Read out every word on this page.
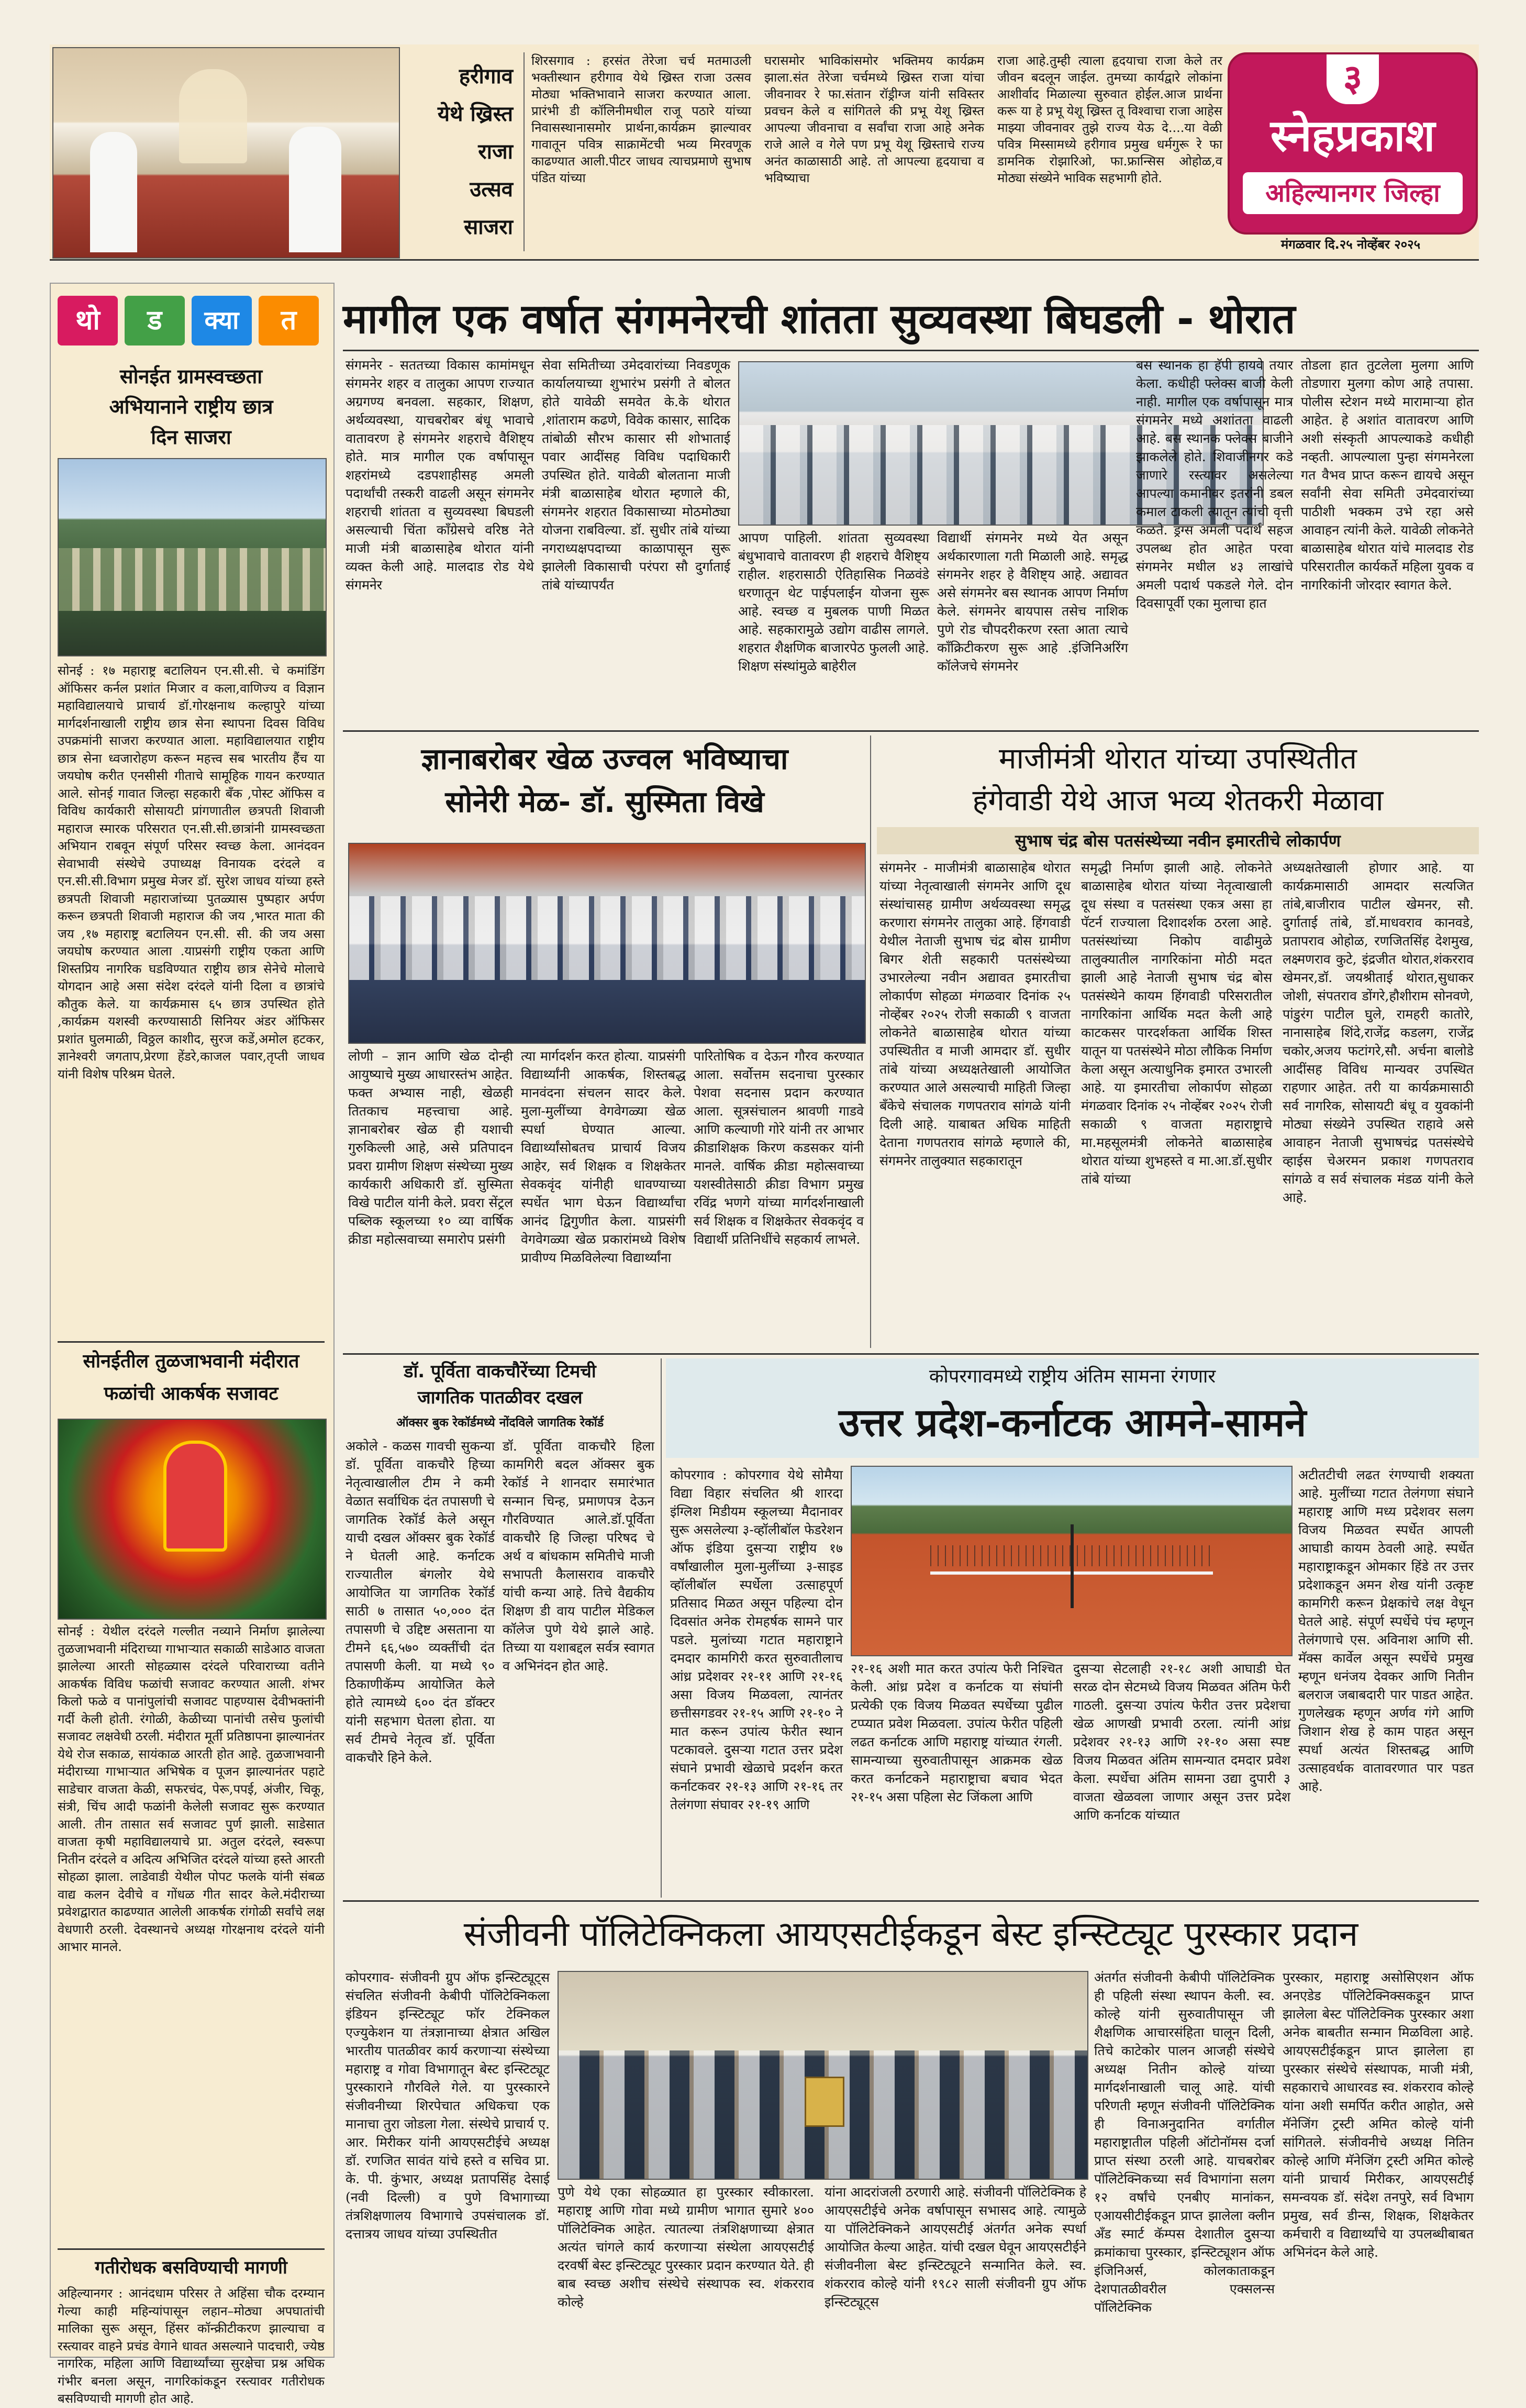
हरीगाव
येथे ख्रिस्त
राजा
उत्सव
साजरा
शिरसगाव : हरसंत तेरेजा चर्च मतमाउली भक्तीस्थान हरीगाव येथे ख्रिस्त राजा उत्सव मोठ्या भक्तिभावाने साजरा करण्यात आला. प्रारंभी डी कॉलिनीमधील राजू पठारे यांच्या निवासस्थानासमोर प्रार्थना,कार्यक्रम झाल्यावर गावातून पवित्र साक्रामेंटची भव्य मिरवणूक काढण्यात आली.पीटर जाधव त्याचप्रमाणे सुभाष पंडित यांच्या
घरासमोर भाविकांसमोर भक्तिमय कार्यक्रम झाला.संत तेरेजा चर्चमध्ये ख्रिस्त राजा यांचा जीवनावर रे फा.संतान रॉड्रीग्ज यांनी सविस्तर प्रवचन केले व सांगितले की प्रभू येशू ख्रिस्त आपल्या जीवनाचा व सर्वांचा राजा आहे अनेक राजे आले व गेले पण प्रभू येशू ख्रिस्ताचे राज्य अनंत काळासाठी आहे. तो आपल्या हृदयाचा व भविष्याचा
राजा आहे.तुम्ही त्याला हृदयाचा राजा केले तर जीवन बदलून जाईल. तुमच्या कार्यद्वारे लोकांना आशीर्वाद मिळाल्या सुरुवात होईल.आज प्रार्थना करू या हे प्रभू येशू ख्रिस्त तू विश्वाचा राजा आहेस माझ्या जीवनावर तुझे राज्य येऊ दे....या वेळी पवित्र मिस्सामध्ये हरीगाव प्रमुख धर्मगुरू रे फा डामनिक रोझारिओ, फा.फ्रान्सिस ओहोळ,व मोठ्या संख्येने भाविक सहभागी होते.
३
स्नेहप्रकाश
अहिल्यानगर जिल्हा
मंगळवार दि.२५ नोव्हेंबर २०२५
थो	ड	क्या	त
सोनईत ग्रामस्वच्छता
अभियानाने राष्ट्रीय छात्र
दिन साजरा
सोनई : १७ महाराष्ट्र बटालियन एन.सी.सी. चे कमांडिंग ऑफिसर कर्नल प्रशांत मिजार व कला,वाणिज्य व विज्ञान महाविद्यालयाचे प्राचार्य डॉ.गोरक्षनाथ कल्हापुरे यांच्या मार्गदर्शनाखाली राष्ट्रीय छात्र सेना स्थापना दिवस विविध उपक्रमांनी साजरा करण्यात आला. महाविद्यालयात राष्ट्रीय छात्र सेना ध्वजारोहण करून महत्त्व सब भारतीय हैंच या जयघोष करीत एनसीसी गीताचे सामूहिक गायन करण्यात आले. सोनई गावात जिल्हा सहकारी बँक ,पोस्ट ऑफिस व विविध कार्यकारी सोसायटी प्रांगणातील छत्रपती शिवाजी महाराज स्मारक परिसरात एन.सी.सी.छात्रांनी ग्रामस्वच्छता अभियान राबवून संपूर्ण परिसर स्वच्छ केला. आनंदवन सेवाभावी संस्थेचे उपाध्यक्ष विनायक दरंदले व एन.सी.सी.विभाग प्रमुख मेजर डॉ. सुरेश जाधव यांच्या हस्ते छत्रपती शिवाजी महाराजांच्या पुतळ्यास पुष्पहार अर्पण करून छत्रपती शिवाजी महाराज की जय ,भारत माता की जय ,१७ महाराष्ट्र बटालियन एन.सी. सी. की जय असा जयघोष करण्यात आला .याप्रसंगी राष्ट्रीय एकता आणि शिस्तप्रिय नागरिक घडविण्यात राष्ट्रीय छात्र सेनेचे मोलाचे योगदान आहे असा संदेश दरंदले यांनी दिला व छात्रांचे कौतुक केले. या कार्यक्रमास ६५ छात्र उपस्थित होते ,कार्यक्रम यशस्वी करण्यासाठी सिनियर अंडर ऑफिसर प्रशांत घुलमाळी, विठ्ठल काशीद, सुरज कडें,अमोल हटकर, ज्ञानेश्वरी जगताप,प्रेरणा हेंडरे,काजल पवार,तृप्ती जाधव यांनी विशेष परिश्रम घेतले.
सोनईतील तुळजाभवानी मंदीरात
फळांची आकर्षक सजावट
सोनई : येथील दरंदले गल्लीत नव्याने निर्माण झालेल्या तुळजाभवानी मंदिराच्या गाभाऱ्यात सकाळी साडेआठ वाजता झालेल्या आरती सोहळ्यास दरंदले परिवाराच्या वतीने आकर्षक विविध फळांची सजावट करण्यात आली. शंभर किलो फळे व पानांपुलांची सजावट पाहण्यास देवीभक्तांनी गर्दी केली होती. रंगोळी, केळीच्या पानांची तसेच फुलांची सजावट लक्षवेधी ठरली. मंदीरात मूर्ती प्रतिष्ठापना झाल्यानंतर येथे रोज सकाळ, सायंकाळ आरती होत आहे. तुळजाभवानी मंदीराच्या गाभाऱ्यात अभिषेक व पूजन झाल्यानंतर पहाटे साडेचार वाजता केळी, सफरचंद, पेरू,पपई, अंजीर, चिकू, संत्री, चिंच आदी फळांनी केलेली सजावट सुरू करण्यात आली. तीन तासात सर्व सजावट पुर्ण झाली. साडेसात वाजता कृषी महाविद्यालयाचे प्रा. अतुल दरंदले, स्वरूपा नितीन दरंदले व अदित्य अभिजित दरंदले यांच्या हस्ते आरती सोहळा झाला. लाडेवाडी येथील पोपट फलके यांनी संबळ वाद्य कलन देवीचे व गोंधळ गीत सादर केले.मंदीराच्या प्रवेशद्वारात काढण्यात आलेली आकर्षक रांगोळी सर्वांचे लक्ष वेधणारी ठरली. देवस्थानचे अध्यक्ष गोरक्षनाथ दरंदले यांनी आभार मानले.
गतीरोधक बसविण्याची मागणी
अहिल्यानगर : आनंदधाम परिसर ते अहिंसा चौक दरम्यान गेल्या काही महिन्यांपासून लहान–मोठ्या अपघातांची मालिका सुरू असून, हिंसर कॉन्क्रीटीकरण झाल्याचा व रस्त्यावर वाहने प्रचंड वेगाने धावत असल्याने पादचारी, ज्येष्ठ नागरिक, महिला आणि विद्यार्थ्यांच्या सुरक्षेचा प्रश्न अधिक गंभीर बनला असून, नागरिकांकडून रस्त्यावर गतीरोधक बसविण्याची मागणी होत आहे.
मागील एक वर्षात संगमनेरची शांतता सुव्यवस्था बिघडली - थोरात
संगमनेर - सततच्या विकास कामांमधून संगमनेर शहर व तालुका आपण राज्यात अग्रगण्य बनवला. सहकार, शिक्षण, अर्थव्यवस्था, याचबरोबर बंधू भावाचे वातावरण हे संगमनेर शहराचे वैशिष्ट्य होते. मात्र मागील एक वर्षापासून शहरांमध्ये दडपशाहीसह अमली पदार्थांची तस्करी वाढली असून संगमनेर शहराची शांतता व सुव्यवस्था बिघडली असल्याची चिंता काँग्रेसचे वरिष्ठ नेते माजी मंत्री बाळासाहेब थोरात यांनी व्यक्त केली आहे. मालदाड रोड येथे संगमनेर
सेवा समितीच्या उमेदवारांच्या निवडणूक कार्यालयाच्या शुभारंभ प्रसंगी ते बोलत होते यावेळी समवेत के.के थोरात ,शांताराम कढणे, विवेक कासार, सादिक तांबोळी सौरभ कासार सी शोभाताई पवार आदींसह विविध पदाधिकारी उपस्थित होते. यावेळी बोलताना माजी मंत्री बाळासाहेब थोरात म्हणाले की, संगमनेर शहरात विकासाच्या मोठमोठ्या योजना राबविल्या. डॉ. सुधीर तांबे यांच्या नगराध्यक्षपदाच्या काळापासून सुरू झालेली विकासाची परंपरा सौ दुर्गाताई तांबे यांच्यापर्यंत
आपण पाहिली. शांतता सुव्यवस्था बंधुभावाचे वातावरण ही शहराचे वैशिष्ट्य राहील. शहरासाठी ऐतिहासिक निळवंडे धरणातून थेट पाईपलाईन योजना सुरू आहे. स्वच्छ व मुबलक पाणी मिळत आहे. सहकारामुळे उद्योग वाढीस लागले. शहरात शैक्षणिक बाजारपेठ फुलली आहे. शिक्षण संस्थांमुळे बाहेरील
विद्यार्थी संगमनेर मध्ये येत असून अर्थकारणाला गती मिळाली आहे. समृद्ध संगमनेर शहर हे वैशिष्ट्य आहे. अद्यावत असे संगमनेर बस स्थानक आपण निर्माण केले. संगमनेर बायपास तसेच नाशिक पुणे रोड चौपदरीकरण रस्ता आता त्याचे काँक्रिटीकरण सुरू आहे .इंजिनिअरिंग कॉलेजचे संगमनेर
बस स्थानक हा हॅपी हायवे तयार केला. कधीही फ्लेक्स बाजी केली नाही. मागील एक वर्षापासून मात्र संगमनेर मध्ये अशांतता वाढली आहे. बस स्थानक फ्लेक्स बाजीने झाकलेले होते. शिवाजीनगर कडे जाणारे रस्त्यावर असलेल्या आपल्या कमानीवर इतरांनी डबल कमाल टाकली त्यातून त्यांची वृत्ती कळते. ड्रग्स अमली पदार्थ सहज उपलब्ध होत आहेत परवा संगमनेर मधील ४३ लाखांचे अमली पदार्थ पकडले गेले. दोन दिवसापूर्वी एका मुलाचा हात
तोडला हात तुटलेला मुलगा आणि तोडणारा मुलगा कोण आहे तपासा. पोलीस स्टेशन मध्ये मारामाऱ्या होत आहेत. हे अशांत वातावरण आणि अशी संस्कृती आपल्याकडे कधीही नव्हती. आपल्याला पुन्हा संगमनेरला गत वैभव प्राप्त करून द्यायचे असून सर्वांनी सेवा समिती उमेदवारांच्या पाठीशी भक्कम उभे रहा असे आवाहन त्यांनी केले. यावेळी लोकनेते बाळासाहेब थोरात यांचे मालदाड रोड परिसरातील कार्यकर्ते महिला युवक व नागरिकांनी जोरदार स्वागत केले.
ज्ञानाबरोबर खेळ उज्वल भविष्याचा
सोनेरी मेळ- डॉ. सुस्मिता विखे
लोणी – ज्ञान आणि खेळ दोन्ही आयुष्याचे मुख्य आधारस्तंभ आहेत. फक्त अभ्यास नाही, खेळही तितकाच महत्त्वाचा आहे. ज्ञानाबरोबर खेळ ही यशाची गुरुकिल्ली आहे, असे प्रतिपादन प्रवरा ग्रामीण शिक्षण संस्थेच्या मुख्य कार्यकारी अधिकारी डॉ. सुस्मिता विखे पाटील यांनी केले. प्रवरा सेंट्रल पब्लिक स्कूलच्या १० व्या वार्षिक क्रीडा महोत्सवाच्या समारोप प्रसंगी
त्या मार्गदर्शन करत होत्या. याप्रसंगी विद्यार्थ्यांनी आकर्षक, शिस्तबद्ध मानवंदना संचलन सादर केले. मुला-मुलींच्या वेगवेगळ्या खेळ स्पर्धा घेण्यात आल्या. विद्यार्थ्यांसोबतच प्राचार्य विजय आहेर, सर्व शिक्षक व शिक्षकेतर सेवकवृंद यांनीही धावण्याच्या स्पर्धेत भाग घेऊन विद्यार्थ्यांचा आनंद द्विगुणीत केला. याप्रसंगी वेगवेगळ्या खेळ प्रकारांमध्ये विशेष प्रावीण्य मिळविलेल्या विद्यार्थ्यांना
पारितोषिक व देऊन गौरव करण्यात आला. सर्वोत्तम सदनाचा पुरस्कार पेशवा सदनास प्रदान करण्यात आला. सूत्रसंचालन श्रावणी गाडवे आणि कल्याणी गोरे यांनी तर आभार क्रीडाशिक्षक किरण कडसकर यांनी मानले. वार्षिक क्रीडा महोत्सवाच्या यशस्वीतेसाठी क्रीडा विभाग प्रमुख रविंद्र भणगे यांच्या मार्गदर्शनाखाली सर्व शिक्षक व शिक्षकेतर सेवकवृंद व विद्यार्थी प्रतिनिधींचे सहकार्य लाभले.
माजीमंत्री थोरात यांच्या उपस्थितीत
हंगेवाडी येथे आज भव्य शेतकरी मेळावा
सुभाष चंद्र बोस पतसंस्थेच्या नवीन इमारतीचे लोकार्पण
संगमनेर - माजीमंत्री बाळासाहेब थोरात यांच्या नेतृत्वाखाली संगमनेर आणि दूध संस्थांचासह ग्रामीण अर्थव्यवस्था समृद्ध करणारा संगमनेर तालुका आहे. हिंगवाडी येथील नेताजी सुभाष चंद्र बोस ग्रामीण बिगर शेती सहकारी पतसंस्थेच्या उभारलेल्या नवीन अद्यावत इमारतीचा लोकार्पण सोहळा मंगळवार दिनांक २५ नोव्हेंबर २०२५ रोजी सकाळी ९ वाजता लोकनेते बाळासाहेब थोरात यांच्या उपस्थितीत व माजी आमदार डॉ. सुधीर तांबे यांच्या अध्यक्षतेखाली आयोजित करण्यात आले असल्याची माहिती जिल्हा बँकेचे संचालक गणपतराव सांगळे यांनी दिली आहे. याबाबत अधिक माहिती देताना गणपतराव सांगळे म्हणाले की, संगमनेर तालुक्यात सहकारातून
समृद्धी निर्माण झाली आहे. लोकनेते बाळासाहेब थोरात यांच्या नेतृत्वाखाली दूध संस्था व पतसंस्था एकत्र असा हा पॅटर्न राज्याला दिशादर्शक ठरला आहे. पतसंस्थांच्या निकोप वाढीमुळे तालुक्यातील नागरिकांना मोठी मदत झाली आहे नेताजी सुभाष चंद्र बोस पतसंस्थेने कायम हिंगवाडी परिसरातील नागरिकांना आर्थिक मदत केली आहे काटकसर पारदर्शकता आर्थिक शिस्त यातून या पतसंस्थेने मोठा लौकिक निर्माण केला असून अत्याधुनिक इमारत उभारली आहे. या इमारतीचा लोकार्पण सोहळा मंगळवार दिनांक २५ नोव्हेंबर २०२५ रोजी सकाळी ९ वाजता महाराष्ट्राचे मा.महसूलमंत्री लोकनेते बाळासाहेब थोरात यांच्या शुभहस्ते व मा.आ.डॉ.सुधीर तांबे यांच्या
अध्यक्षतेखाली होणार आहे. या कार्यक्रमासाठी आमदार सत्यजित तांबे,बाजीराव पाटील खेमनर, सौ. दुर्गाताई तांबे, डॉ.माधवराव कानवडे, प्रतापराव ओहोळ, रणजितसिंह देशमुख, लक्ष्मणराव कुटे, इंद्रजीत थोरात,शंकरराव खेमनर,डॉ. जयश्रीताई थोरात,सुधाकर जोशी, संपतराव डोंगरे,हौशीराम सोनवणे, पांडुरंग पाटील घुले, रामहरी कातोरे, नानासाहेब शिंदे,राजेंद्र कडलग, राजेंद्र चकोर,अजय फटांगरे,सौ. अर्चना बालोडे आदींसह विविध मान्यवर उपस्थित राहणार आहेत. तरी या कार्यक्रमासाठी सर्व नागरिक, सोसायटी बंधू व युवकांनी मोठ्या संख्येने उपस्थित राहावे असे आवाहन नेताजी सुभाषचंद्र पतसंस्थेचे व्हाईस चेअरमन प्रकाश गणपतराव सांगळे व सर्व संचालक मंडळ यांनी केले आहे.
डॉ. पूर्विता वाकचौरेंच्या टिमची
जागतिक पातळीवर दखल
ऑक्सर बुक रेकॉर्डमध्ये नोंदविले जागतिक रेकॉर्ड
अकोले - कळस गावची सुकन्या डॉ. पूर्विता वाकचौरे हिच्या नेतृत्वाखालील टीम ने कमी वेळात सर्वाधिक दंत तपासणी चे जागतिक रेकॉर्ड केले असून याची दखल ऑक्सर बुक रेकॉर्ड ने घेतली आहे. कर्नाटक राज्यातील बंगलोर येथे आयोजित या जागतिक रेकॉर्ड साठी ७ तासात ५०,००० दंत तपासणी चे उद्दिष्ट असताना या टीमने ६६,५७० व्यक्तींची दंत तपासणी केली. या मध्ये ९० ठिकाणीकॅम्प आयोजित केले होते त्यामध्ये ६०० दंत डॉक्टर यांनी सहभाग घेतला होता. या सर्व टीमचे नेतृत्व डॉ. पूर्विता वाकचौरे हिने केले.
डॉ. पूर्विता वाकचौरे हिला कामगिरी बदल ऑक्सर बुक रेकॉर्ड ने शानदार समारंभात सन्मान चिन्ह, प्रमाणपत्र देऊन गौरविण्यात आले.डॉ.पूर्विता वाकचौरे हि जिल्हा परिषद चे अर्थ व बांधकाम समितीचे माजी सभापती कैलासराव वाकचौरे यांची कन्या आहे. तिचे वैद्यकीय शिक्षण डी वाय पाटील मेडिकल कॉलेज पुणे येथे झाले आहे. तिच्या या यशाबद्दल सर्वत्र स्वागत व अभिनंदन होत आहे.
कोपरगावमध्ये राष्ट्रीय अंतिम सामना रंगणार
उत्तर प्रदेश-कर्नाटक आमने-सामने
कोपरगाव : कोपरगाव येथे सोमैया विद्या विहार संचलित श्री शारदा इंग्लिश मिडीयम स्कूलच्या मैदानावर सुरू असलेल्या ३-व्हॉलीबॉल फेडरेशन ऑफ इंडिया दुसऱ्या राष्ट्रीय १७ वर्षांखालील मुला-मुलींच्या ३-साइड व्हॉलीबॉल स्पर्धेला उत्साहपूर्ण प्रतिसाद मिळत असून पहिल्या दोन दिवसांत अनेक रोमहर्षक सामने पार पडले. मुलांच्या गटात महाराष्ट्राने दमदार कामगिरी करत सुरुवातीलाच आंध्र प्रदेशवर २१-११ आणि २१-१६ असा विजय मिळवला, त्यानंतर छत्तीसगडवर २१-१५ आणि २१-१० ने मात करून उपांत्य फेरीत स्थान पटकावले. दुसऱ्या गटात उत्तर प्रदेश संघाने प्रभावी खेळाचे प्रदर्शन करत कर्नाटकवर २१-१३ आणि २१-१६ तर तेलंगणा संघावर २१-१९ आणि
२१-१६ अशी मात करत उपांत्य फेरी निश्चित केली. आंध्र प्रदेश व कर्नाटक या संघांनी प्रत्येकी एक विजय मिळवत स्पर्धेच्या पुढील टप्प्यात प्रवेश मिळवला. उपांत्य फेरीत पहिली लढत कर्नाटक आणि महाराष्ट्र यांच्यात रंगली. सामन्याच्या सुरुवातीपासून आक्रमक खेळ करत कर्नाटकने महाराष्ट्राचा बचाव भेदत २१-१५ असा पहिला सेट जिंकला आणि
दुसऱ्या सेटलाही २१-१८ अशी आघाडी घेत सरळ दोन सेटमध्ये विजय मिळवत अंतिम फेरी गाठली. दुसऱ्या उपांत्य फेरीत उत्तर प्रदेशचा खेळ आणखी प्रभावी ठरला. त्यांनी आंध्र प्रदेशवर २१-१३ आणि २१-१० असा स्पष्ट विजय मिळवत अंतिम सामन्यात दमदार प्रवेश केला. स्पर्धेचा अंतिम सामना उद्या दुपारी ३ वाजता खेळवला जाणार असून उत्तर प्रदेश आणि कर्नाटक यांच्यात
अटीतटीची लढत रंगण्याची शक्यता आहे. मुलींच्या गटात तेलंगणा संघाने महाराष्ट्र आणि मध्य प्रदेशवर सलग विजय मिळवत स्पर्धेत आपली आघाडी कायम ठेवली आहे. स्पर्धेत महाराष्ट्राकडून ओमकार हिंडे तर उत्तर प्रदेशाकडून अमन शेख यांनी उत्कृष्ट कामगिरी करून प्रेक्षकांचे लक्ष वेधून घेतले आहे. संपूर्ण स्पर्धेचे पंच म्हणून तेलंगणाचे एस. अविनाश आणि सी. मॅक्स कार्वेल असून स्पर्धेचे प्रमुख म्हणून धनंजय देवकर आणि नितीन बलराज जबाबदारी पार पाडत आहेत. गुणलेखक म्हणून अर्णव गंगे आणि जिशान शेख हे काम पाहत असून स्पर्धा अत्यंत शिस्तबद्ध आणि उत्साहवर्धक वातावरणात पार पडत आहे.
संजीवनी पॉलिटेक्निकला आयएसटीईकडून बेस्ट इन्स्टिट्यूट पुरस्कार प्रदान
कोपरगाव- संजीवनी ग्रुप ऑफ इन्स्टिट्यूट्स संचलित संजीवनी केबीपी पॉलिटेक्निकला इंडियन इन्स्टिट्यूट फॉर टेक्निकल एज्युकेशन या तंत्रज्ञानाच्या क्षेत्रात अखिल भारतीय पातळीवर कार्य करणाऱ्या संस्थेच्या महाराष्ट्र व गोवा विभागातून बेस्ट इन्स्टिट्यूट पुरस्काराने गौरविले गेले. या पुरस्कारने संजीवनीच्या शिरपेचात अधिकचा एक मानाचा तुरा जोडला गेला. संस्थेचे प्राचार्य ए. आर. मिरीकर यांनी आयएसटीईचे अध्यक्ष डॉ. रणजित सावंत यांचे हस्ते व सचिव प्रा. के. पी. कुंभार, अध्यक्ष प्रतापसिंह देसाई (नवी दिल्ली) व पुणे विभागाच्या तंत्रशिक्षणालय विभागाचे उपसंचालक डॉ. दत्तात्रय जाधव यांच्या उपस्थितीत
पुणे येथे एका सोहळ्यात हा पुरस्कार स्वीकारला. महाराष्ट्र आणि गोवा मध्ये ग्रामीण भागात सुमारे ४०० पॉलिटेक्निक आहेत. त्यातल्या तंत्रशिक्षणाच्या क्षेत्रात अत्यंत चांगले कार्य करणाऱ्या संस्थेला आयएसटीई दरवर्षी बेस्ट इन्स्टिट्यूट पुरस्कार प्रदान करण्यात येते. ही बाब स्वच्छ अशीच संस्थेचे संस्थापक स्व. शंकरराव कोल्हे
यांना आदरांजली ठरणारी आहे. संजीवनी पॉलिटेक्निक हे आयएसटीईचे अनेक वर्षापासून सभासद आहे. त्यामुळे या पॉलिटेक्निकने आयएसटीई अंतर्गत अनेक स्पर्धा आयोजित केल्या आहेत. यांची दखल घेवून आयएसटीईने संजीवनीला बेस्ट इन्स्टिट्यूटने सन्मानित केले. स्व. शंकरराव कोल्हे यांनी १९८२ साली संजीवनी ग्रुप ऑफ इन्स्टिट्यूट्स
अंतर्गत संजीवनी केबीपी पॉलिटेक्निक ही पहिली संस्था स्थापन केली. स्व. कोल्हे यांनी सुरुवातीपासून जी शैक्षणिक आचारसंहिता घालून दिली, तिचे काटेकोर पालन आजही संस्थेचे अध्यक्ष नितीन कोल्हे यांच्या मार्गदर्शनाखाली चालू आहे. यांची परिणती म्हणून संजीवनी पॉलिटेक्निक ही विनाअनुदानित वर्गातील महाराष्ट्रातील पहिली ऑटोनॉमस दर्जा प्राप्त संस्था ठरली आहे. याचबरोबर पॉलिटेक्निकच्या सर्व विभागांना सलग १२ वर्षांचे एनबीए मानांकन, एआयसीटीईकडून प्राप्त झालेला क्लीन अँड स्मार्ट कॅम्पस देशातील दुसऱ्या क्रमांकाचा पुरस्कार, इन्स्टिट्यूशन ऑफ इंजिनिअर्स, कोलकाताकडून देशपातळीवरील एक्सलन्स पॉलिटेक्निक
पुरस्कार, महाराष्ट्र असोसिएशन ऑफ अनएडेड पॉलिटेक्निक्सकडून प्राप्त झालेला बेस्ट पॉलिटेक्निक पुरस्कार अशा अनेक बाबतीत सन्मान मिळविला आहे. आयएसटीईकडून प्राप्त झालेला हा पुरस्कार संस्थेचे संस्थापक, माजी मंत्री, सहकाराचे आधारवड स्व. शंकरराव कोल्हे यांना अशी समर्पित करीत आहोत, असे मॅनेजिंग ट्रस्टी अमित कोल्हे यांनी सांगितले. संजीवनीचे अध्यक्ष नितिन कोल्हे आणि मॅनेजिंग ट्रस्टी अमित कोल्हे यांनी प्राचार्य मिरीकर, आयएसटीई समन्वयक डॉ. संदेश तनपुरे, सर्व विभाग प्रमुख, सर्व डीन्स, शिक्षक, शिक्षकेतर कर्मचारी व विद्यार्थ्यांचे या उपलब्धीबाबत अभिनंदन केले आहे.
